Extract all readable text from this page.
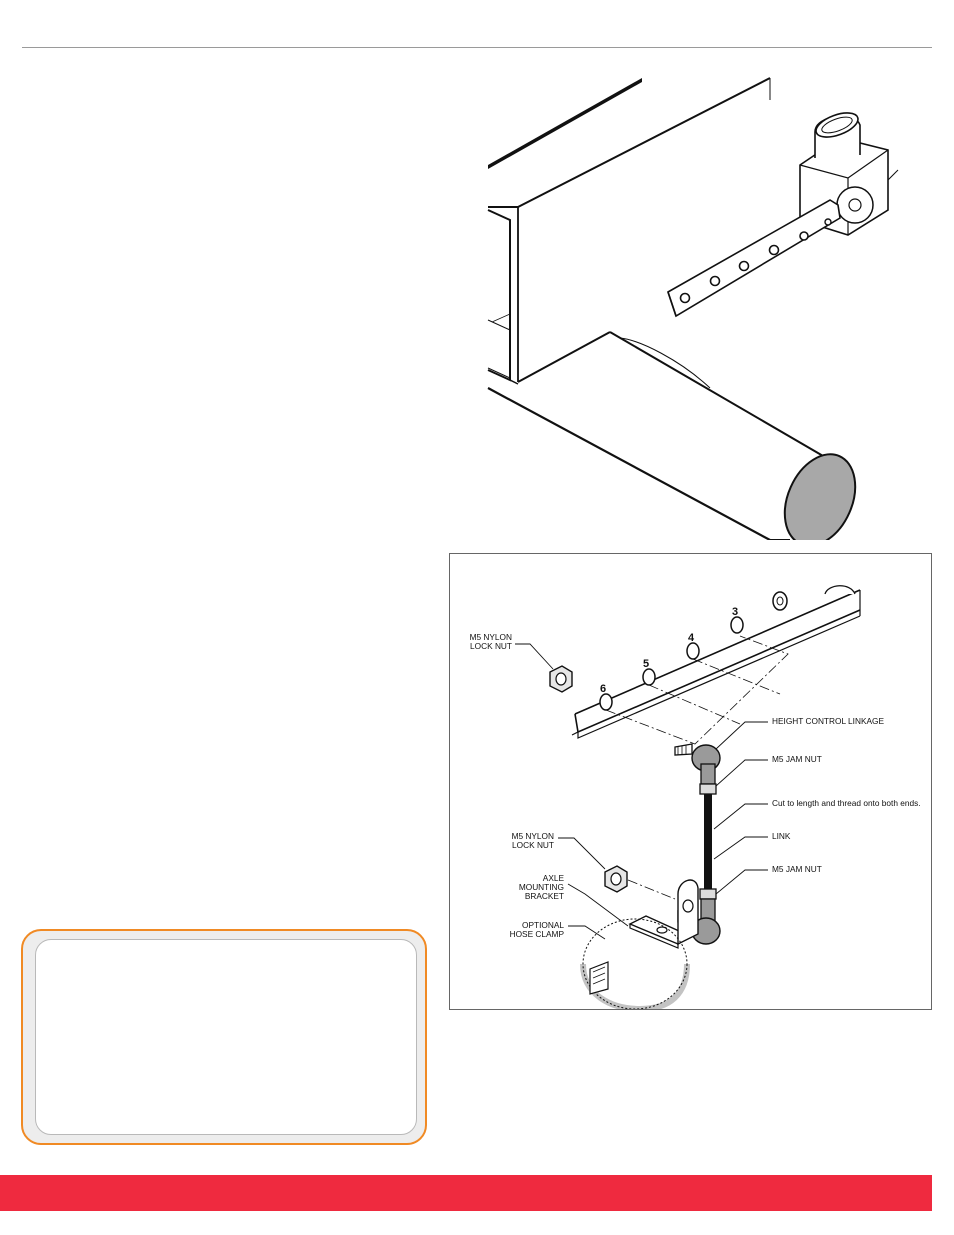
6
5
4
3
M5 NYLON
LOCK NUT
HEIGHT CONTROL LINKAGE
M5 JAM NUT
Cut to length and thread onto both ends.
LINK
M5 NYLON
LOCK NUT
M5 JAM NUT
AXLE
MOUNTING
BRACKET
OPTIONAL
HOSE CLAMP
